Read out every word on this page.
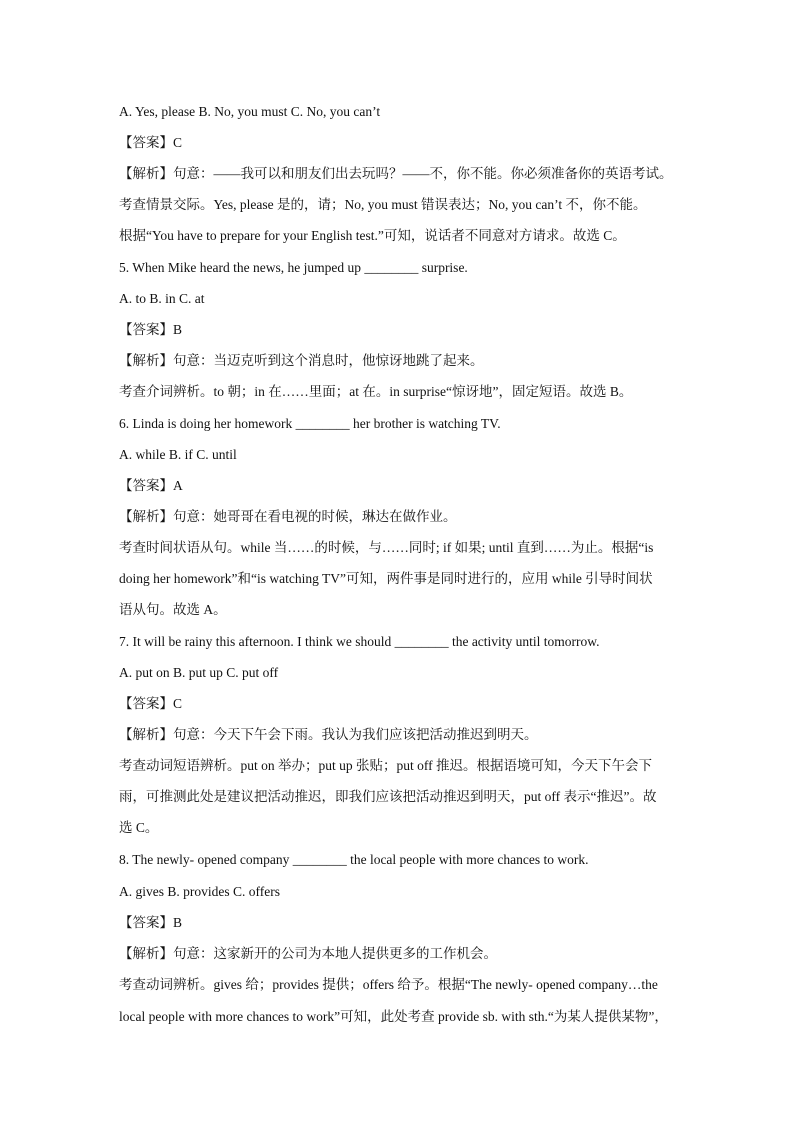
A. Yes, please B. No, you must C. No, you can’t
【答案】C
【解析】句意：——我可以和朋友们出去玩吗？——不，你不能。你必须准备你的英语考试。
考查情景交际。Yes, please 是的，请；No, you must 错误表达；No, you can’t 不，你不能。
根据“You have to prepare for your English test.”可知，说话者不同意对方请求。故选 C。
5. When Mike heard the news, he jumped up ________ surprise.
A. to B. in C. at
【答案】B
【解析】句意：当迈克听到这个消息时，他惊讶地跳了起来。
考查介词辨析。to 朝；in 在……里面；at 在。in surprise“惊讶地”，固定短语。故选 B。
6. Linda is doing her homework ________ her brother is watching TV.
A. while B. if C. until
【答案】A
【解析】句意：她哥哥在看电视的时候，琳达在做作业。
考查时间状语从句。while 当……的时候，与……同时; if 如果; until 直到……为止。根据“is
doing her homework”和“is watching TV”可知，两件事是同时进行的，应用 while 引导时间状
语从句。故选 A。
7. It will be rainy this afternoon. I think we should ________ the activity until tomorrow.
A. put on B. put up C. put off
【答案】C
【解析】句意：今天下午会下雨。我认为我们应该把活动推迟到明天。
考查动词短语辨析。put on 举办；put up 张贴；put off 推迟。根据语境可知，今天下午会下
雨，可推测此处是建议把活动推迟，即我们应该把活动推迟到明天，put off 表示“推迟”。故
选 C。
8. The newly- opened company ________ the local people with more chances to work.
A. gives B. provides C. offers
【答案】B
【解析】句意：这家新开的公司为本地人提供更多的工作机会。
考查动词辨析。gives 给；provides 提供；offers 给予。根据“The newly- opened company…the
local people with more chances to work”可知，此处考查 provide sb. with sth.“为某人提供某物”，
